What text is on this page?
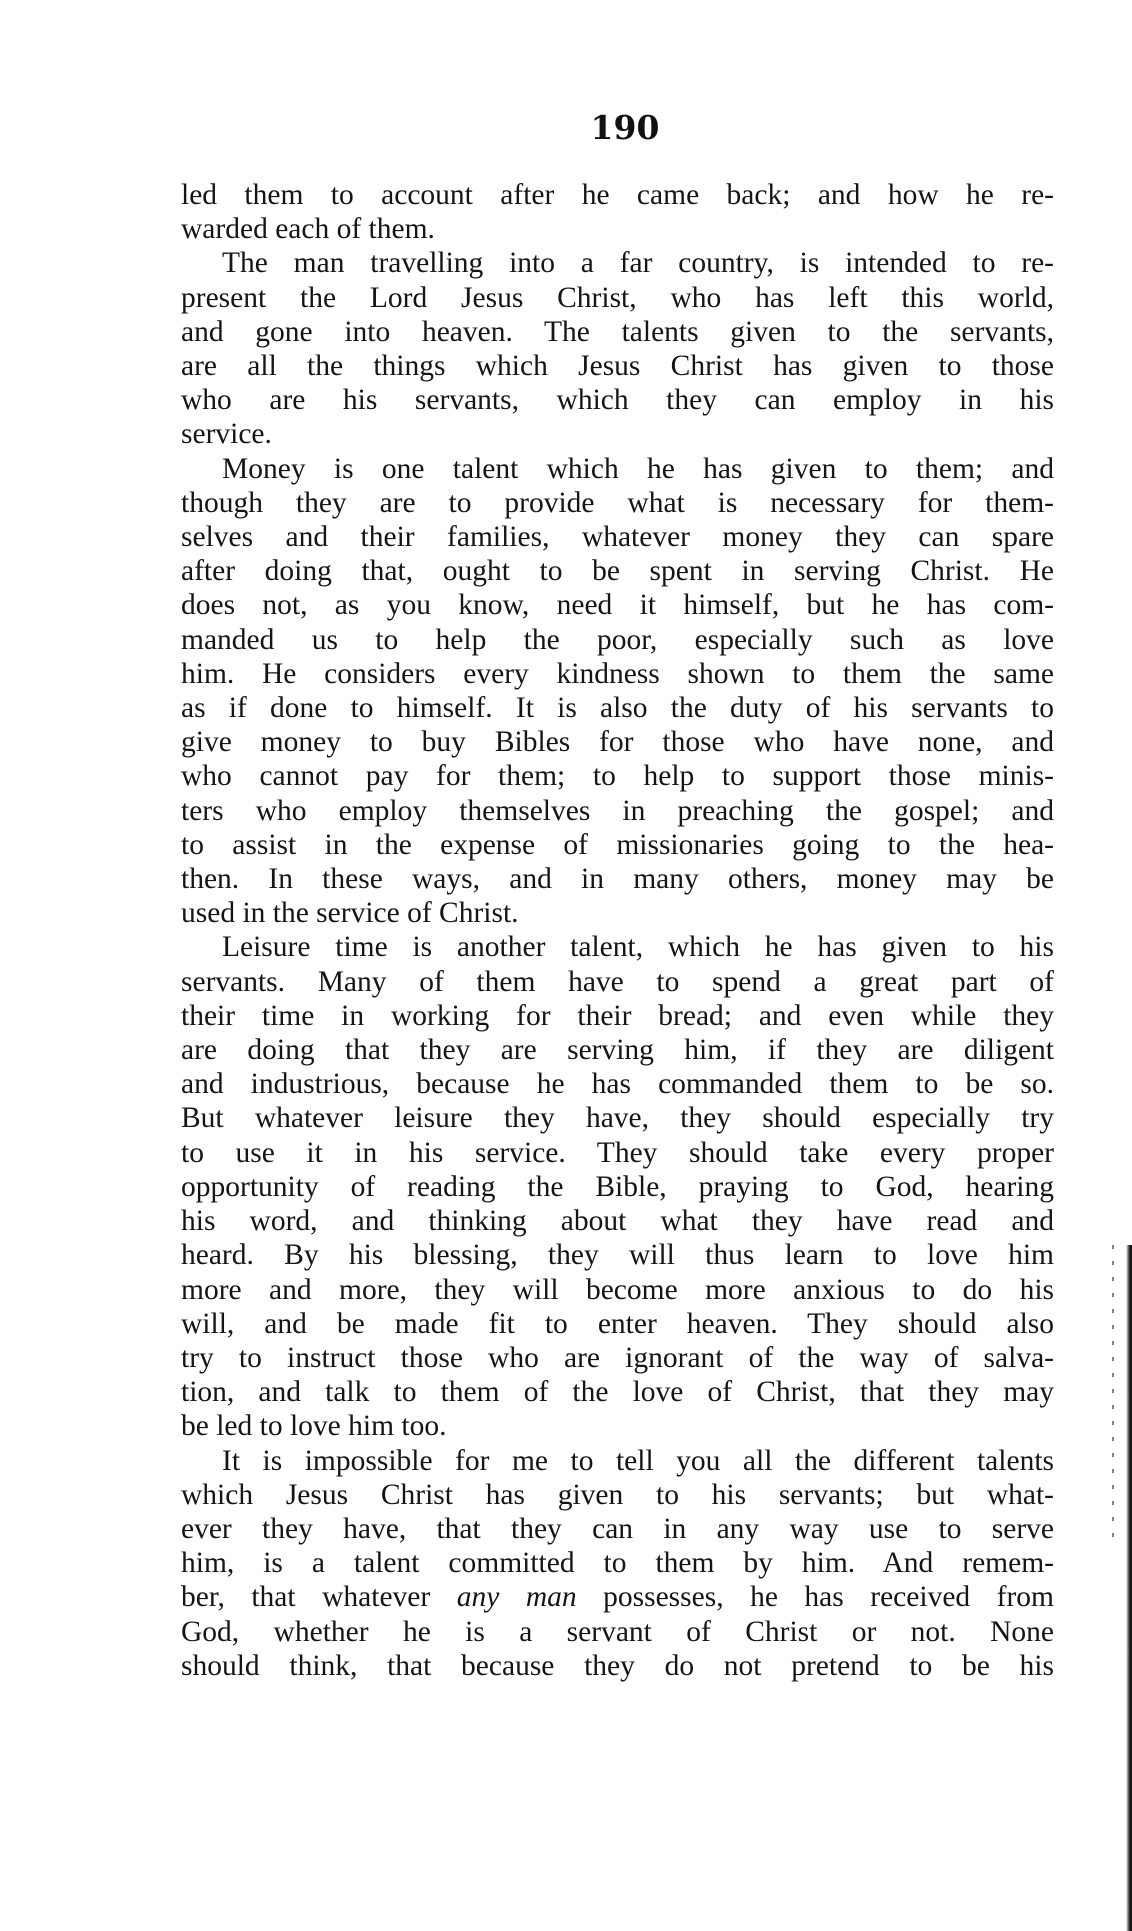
190
led them to account after he came back; and how he re-
warded each of them.
The man travelling into a far country, is intended to re-
present the Lord Jesus Christ, who has left this world,
and gone into heaven. The talents given to the servants,
are all the things which Jesus Christ has given to those
who are his servants, which they can employ in his
service.
Money is one talent which he has given to them; and
though they are to provide what is necessary for them-
selves and their families, whatever money they can spare
after doing that, ought to be spent in serving Christ. He
does not, as you know, need it himself, but he has com-
manded us to help the poor, especially such as love
him. He considers every kindness shown to them the same
as if done to himself. It is also the duty of his servants to
give money to buy Bibles for those who have none, and
who cannot pay for them; to help to support those minis-
ters who employ themselves in preaching the gospel; and
to assist in the expense of missionaries going to the hea-
then. In these ways, and in many others, money may be
used in the service of Christ.
Leisure time is another talent, which he has given to his
servants. Many of them have to spend a great part of
their time in working for their bread; and even while they
are doing that they are serving him, if they are diligent
and industrious, because he has commanded them to be so.
But whatever leisure they have, they should especially try
to use it in his service. They should take every proper
opportunity of reading the Bible, praying to God, hearing
his word, and thinking about what they have read and
heard. By his blessing, they will thus learn to love him
more and more, they will become more anxious to do his
will, and be made fit to enter heaven. They should also
try to instruct those who are ignorant of the way of salva-
tion, and talk to them of the love of Christ, that they may
be led to love him too.
It is impossible for me to tell you all the different talents
which Jesus Christ has given to his servants; but what-
ever they have, that they can in any way use to serve
him, is a talent committed to them by him. And remem-
ber, that whatever any man possesses, he has received from
God, whether he is a servant of Christ or not. None
should think, that because they do not pretend to be his
